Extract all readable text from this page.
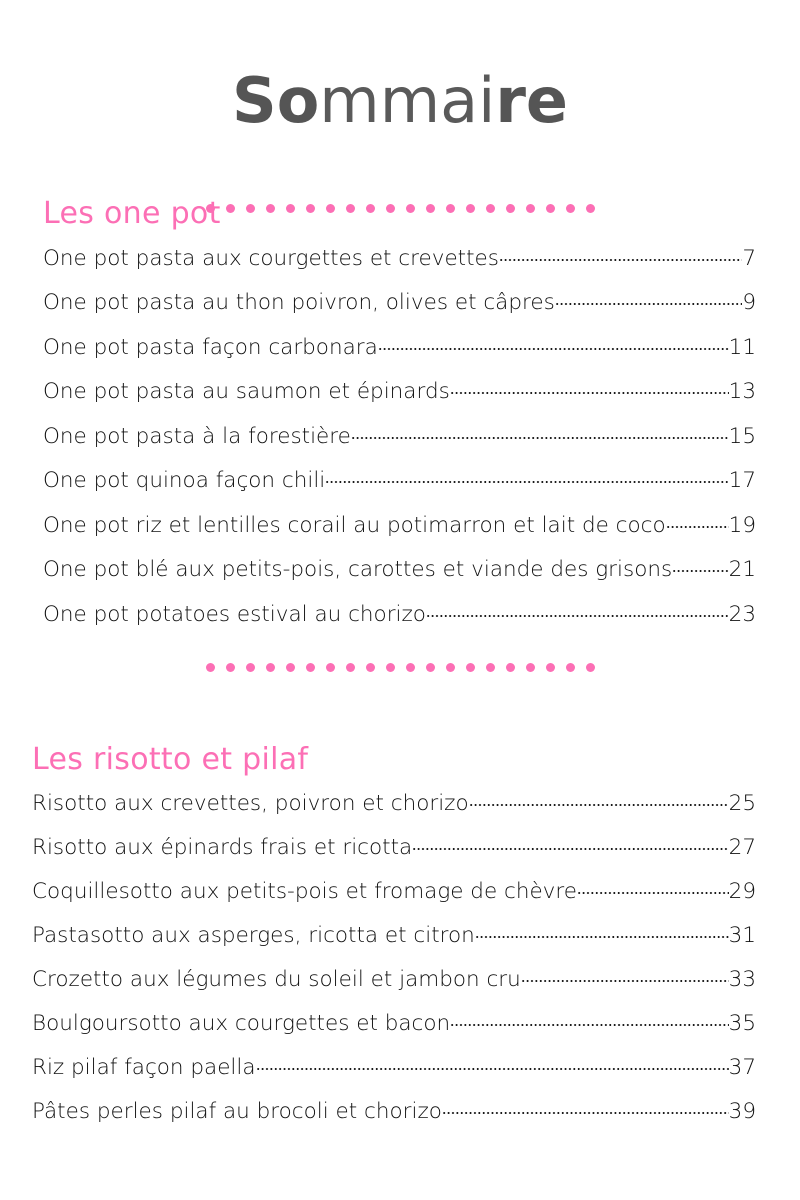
Sommaire
Les one pot
One pot pasta aux courgettes et crevettes	7
One pot pasta au thon poivron, olives et câpres	9
One pot pasta façon carbonara	11
One pot pasta au saumon et épinards	13
One pot pasta à la forestière	15
One pot quinoa façon chili	17
One pot riz et lentilles corail au potimarron et lait de coco	19
One pot blé aux petits-pois, carottes et viande des grisons	21
One pot potatoes estival au chorizo	23
Les risotto et pilaf
Risotto aux crevettes, poivron et chorizo	25
Risotto aux épinards frais et ricotta	27
Coquillesotto aux petits-pois et fromage de chèvre	29
Pastasotto aux asperges, ricotta et citron	31
Crozetto aux légumes du soleil et jambon cru	33
Boulgoursotto aux courgettes et bacon	35
Riz pilaf façon paella	37
Pâtes perles pilaf au brocoli et chorizo	39
